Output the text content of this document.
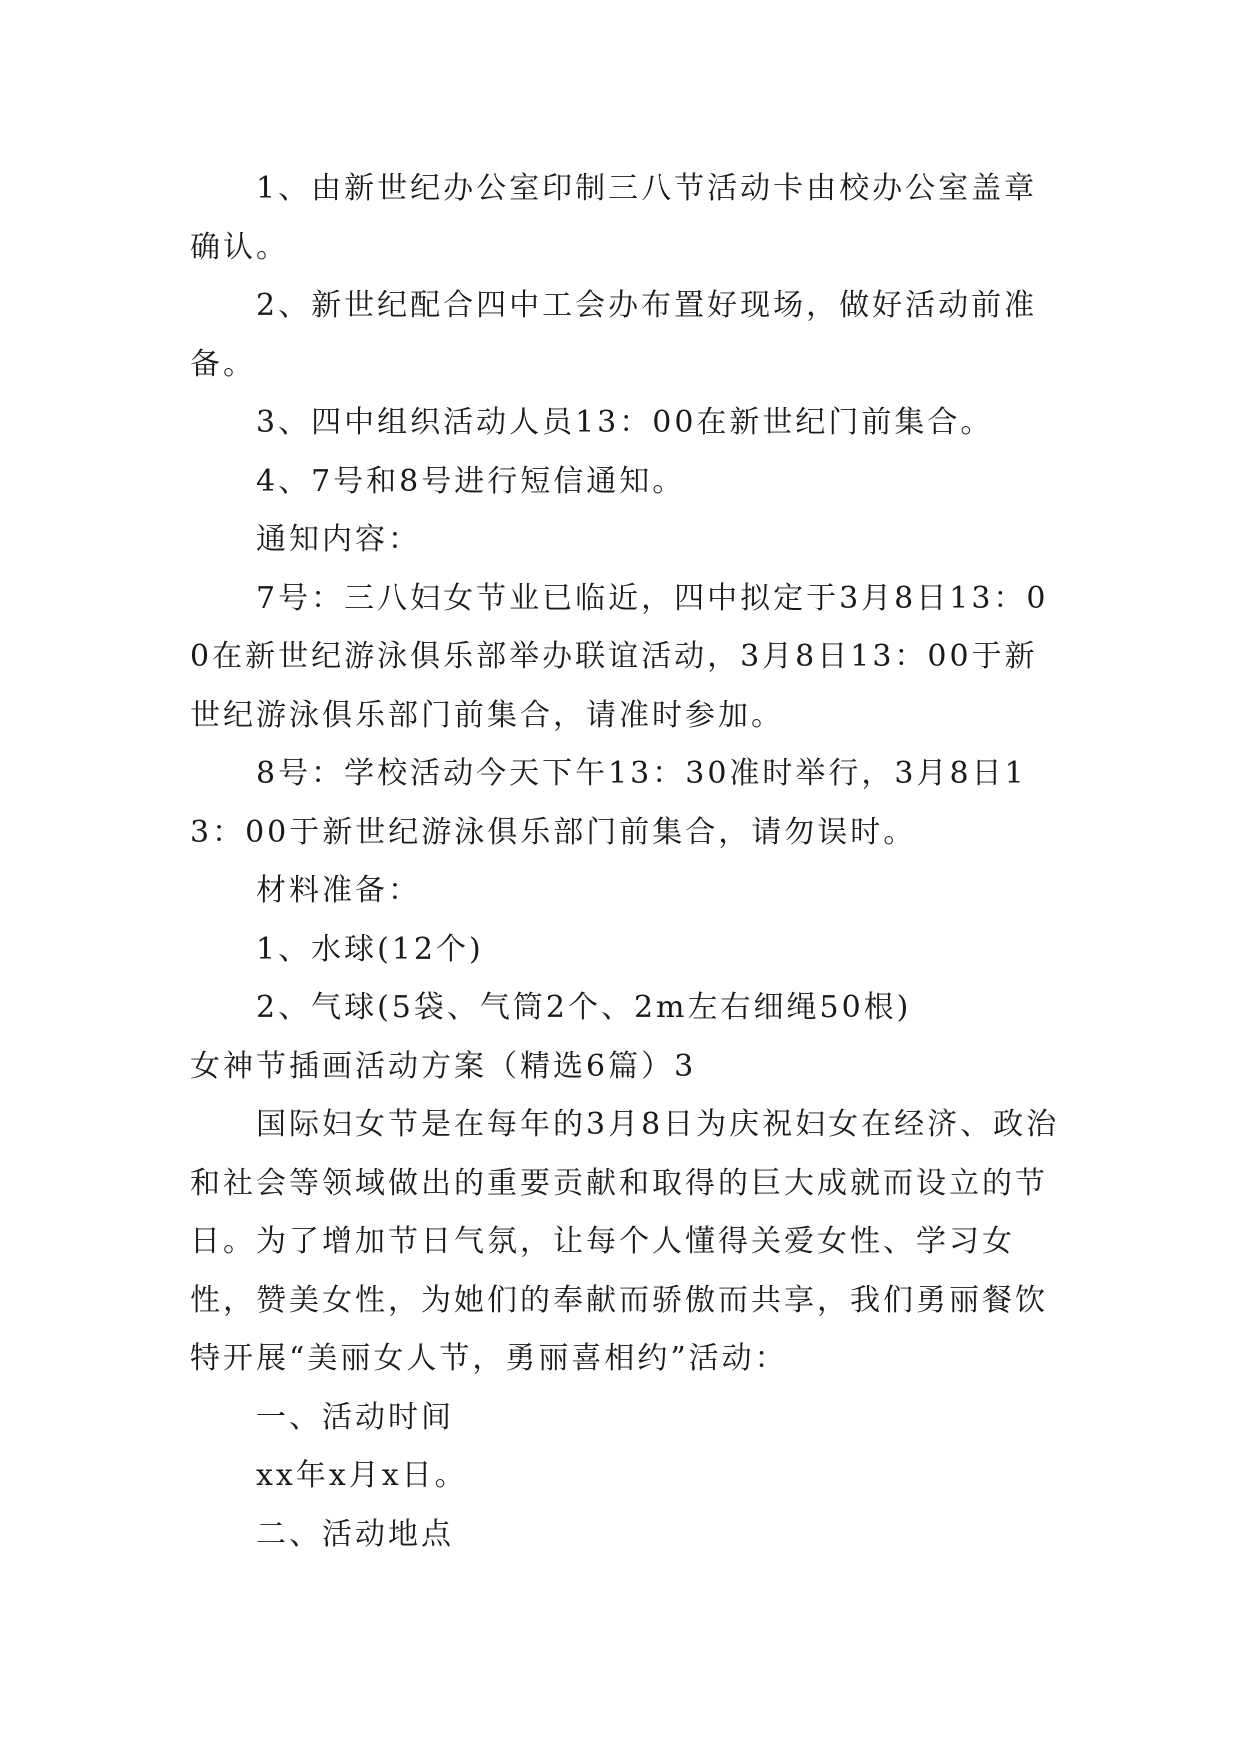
1、由新世纪办公室印制三八节活动卡由校办公室盖章确认。

2、新世纪配合四中工会办布置好现场，做好活动前准备。

3、四中组织活动人员13：00在新世纪门前集合。

4、7号和8号进行短信通知。

通知内容：

7号：三八妇女节业已临近，四中拟定于3月8日13：00在新世纪游泳俱乐部举办联谊活动，3月8日13：00于新世纪游泳俱乐部门前集合，请准时参加。

8号：学校活动今天下午13：30准时举行，3月8日13：00于新世纪游泳俱乐部门前集合，请勿误时。

材料准备：

1、水球(12个)

2、气球(5袋、气筒2个、2m左右细绳50根)

女神节插画活动方案（精选6篇）3

国际妇女节是在每年的3月8日为庆祝妇女在经济、政治和社会等领域做出的重要贡献和取得的巨大成就而设立的节日。为了增加节日气氛，让每个人懂得关爱女性、学习女性，赞美女性，为她们的奉献而骄傲而共享，我们勇丽餐饮特开展“美丽女人节，勇丽喜相约”活动：

一、活动时间

xx年x月x日。

二、活动地点
